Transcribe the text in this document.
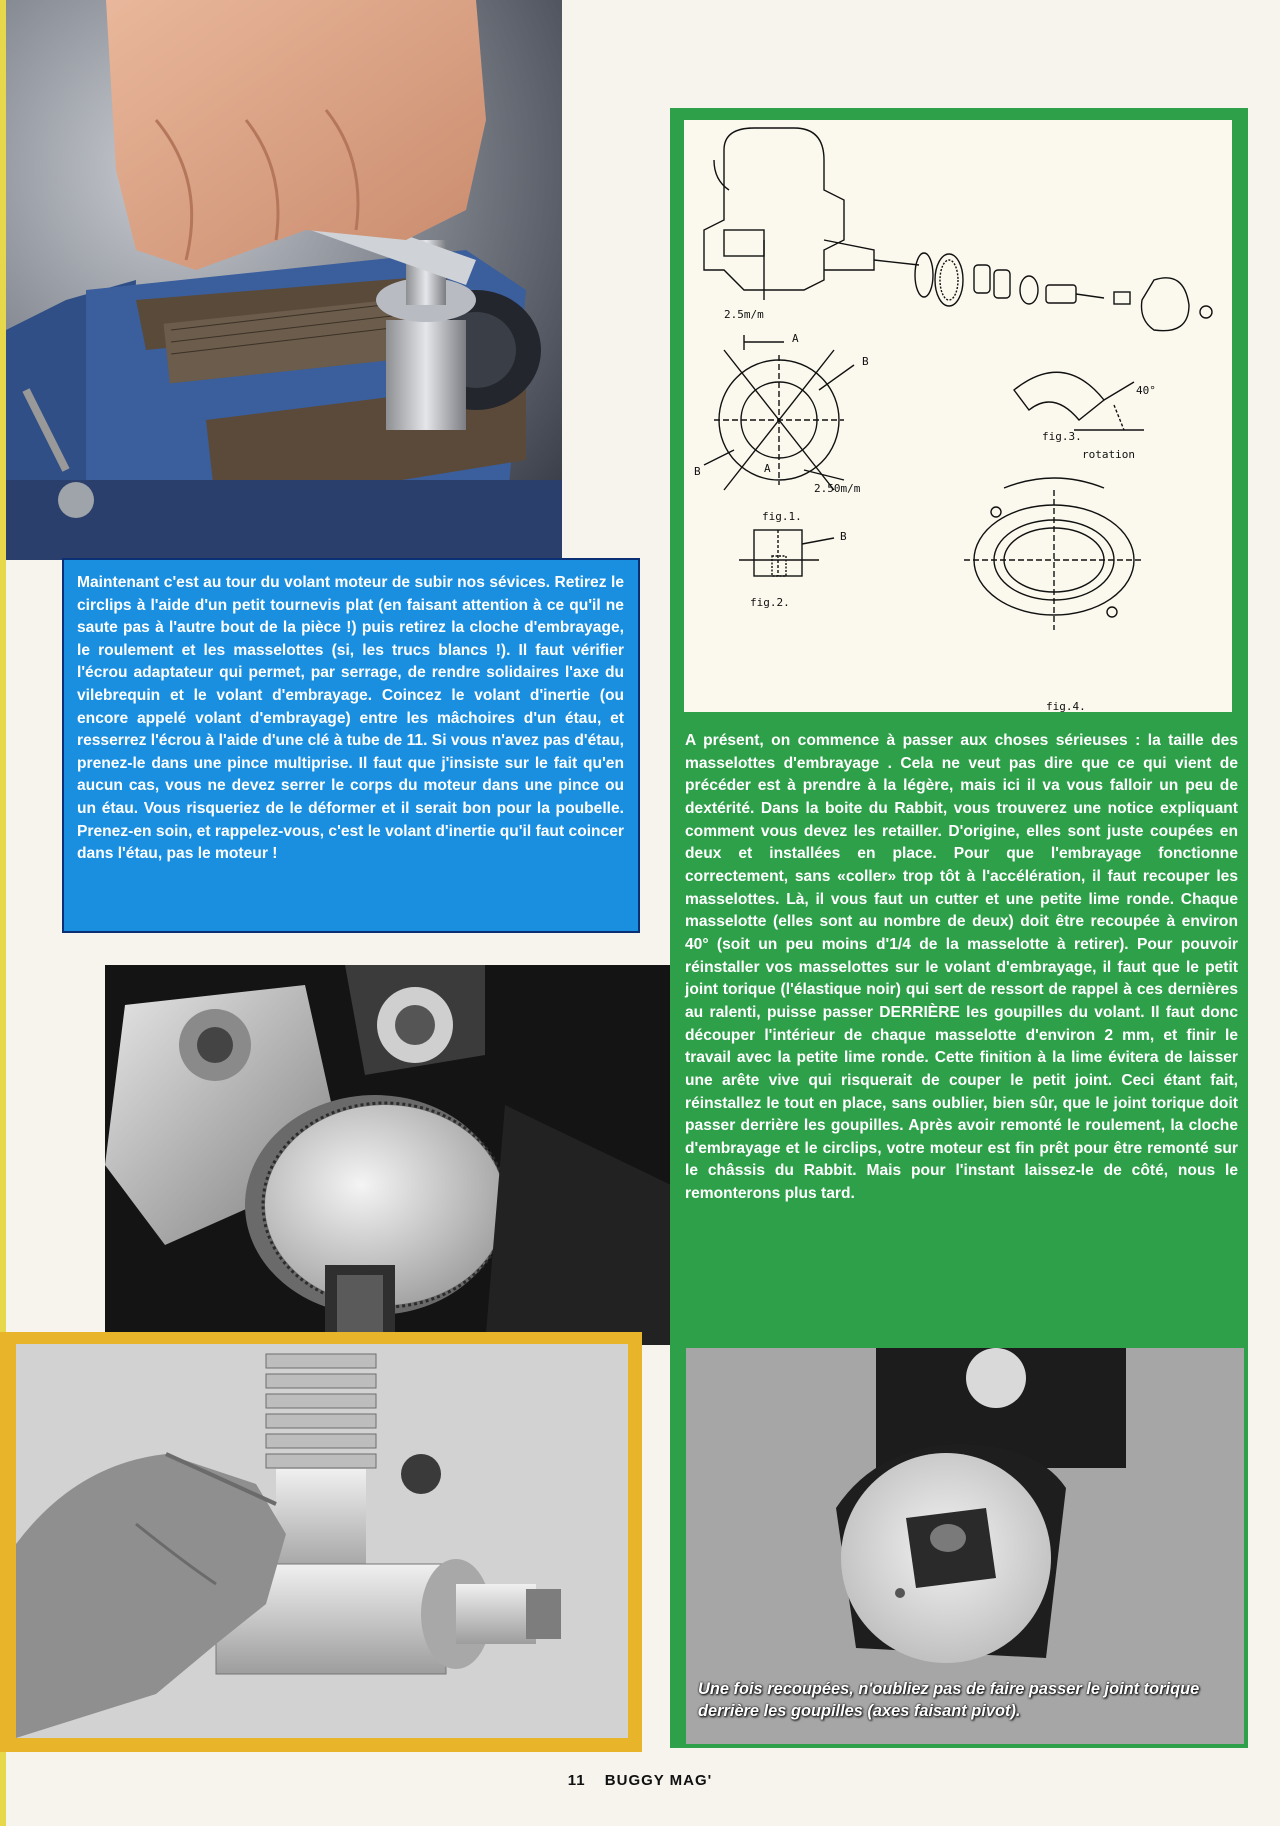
Maintenant c'est au tour du volant moteur de subir nos sévices. Retirez le circlips à l'aide d'un petit tournevis plat (en faisant attention à ce qu'il ne saute pas à l'autre bout de la pièce !) puis retirez la cloche d'embrayage, le roulement et les masselottes (si, les trucs blancs !). Il faut vérifier l'écrou adaptateur qui permet, par serrage, de rendre solidaires l'axe du vilebrequin et le volant d'embrayage. Coincez le volant d'inertie (ou encore appelé volant d'embrayage) entre les mâchoires d'un étau, et resserrez l'écrou à l'aide d'une clé à tube de 11. Si vous n'avez pas d'étau, prenez-le dans une pince multiprise. Il faut que j'insiste sur le fait qu'en aucun cas, vous ne devez serrer le corps du moteur dans une pince ou un étau. Vous risqueriez de le déformer et il serait bon pour la poubelle. Prenez-en soin, et rappelez-vous, c'est le volant d'inertie qu'il faut coincer dans l'étau, pas le moteur !
2.5m/m
A
B
B	A
2.50m/m
fig.1.
B
fig.2.
40°
fig.3.
rotation
fig.4.
A présent, on commence à passer aux choses sérieuses : la taille des masselottes d'embrayage . Cela ne veut pas dire que ce qui vient de précéder est à prendre à la légère, mais ici il va vous falloir un peu de dextérité. Dans la boite du Rabbit, vous trouverez une notice expliquant comment vous devez les retailler. D'origine, elles sont juste coupées en deux et installées en place. Pour que l'embrayage fonctionne correctement, sans «coller» trop tôt à l'accélération, il faut recouper les masselottes. Là, il vous faut un cutter et une petite lime ronde. Chaque masselotte (elles sont au nombre de deux) doit être recoupée à environ 40° (soit un peu moins d'1/4 de la masselotte à retirer). Pour pouvoir réinstaller vos masselottes sur le volant d'embrayage, il faut que le petit joint torique (l'élastique noir) qui sert de ressort de rappel à ces dernières au ralenti, puisse passer DERRIÈRE les goupilles du volant. Il faut donc découper l'intérieur de chaque masselotte d'environ 2 mm, et finir le travail avec la petite lime ronde. Cette finition à la lime évitera de laisser une arête vive qui risquerait de couper le petit joint. Ceci étant fait, réinstallez le tout en place, sans oublier, bien sûr, que le joint torique doit passer derrière les goupilles. Après avoir remonté le roulement, la cloche d'embrayage et le circlips, votre moteur est fin prêt pour être remonté sur le châssis du Rabbit. Mais pour l'instant laissez-le de côté, nous le remonterons plus tard.
Une fois recoupées, n'oubliez pas de faire passer le joint torique derrière les goupilles (axes faisant pivot).
11 BUGGY MAG'
